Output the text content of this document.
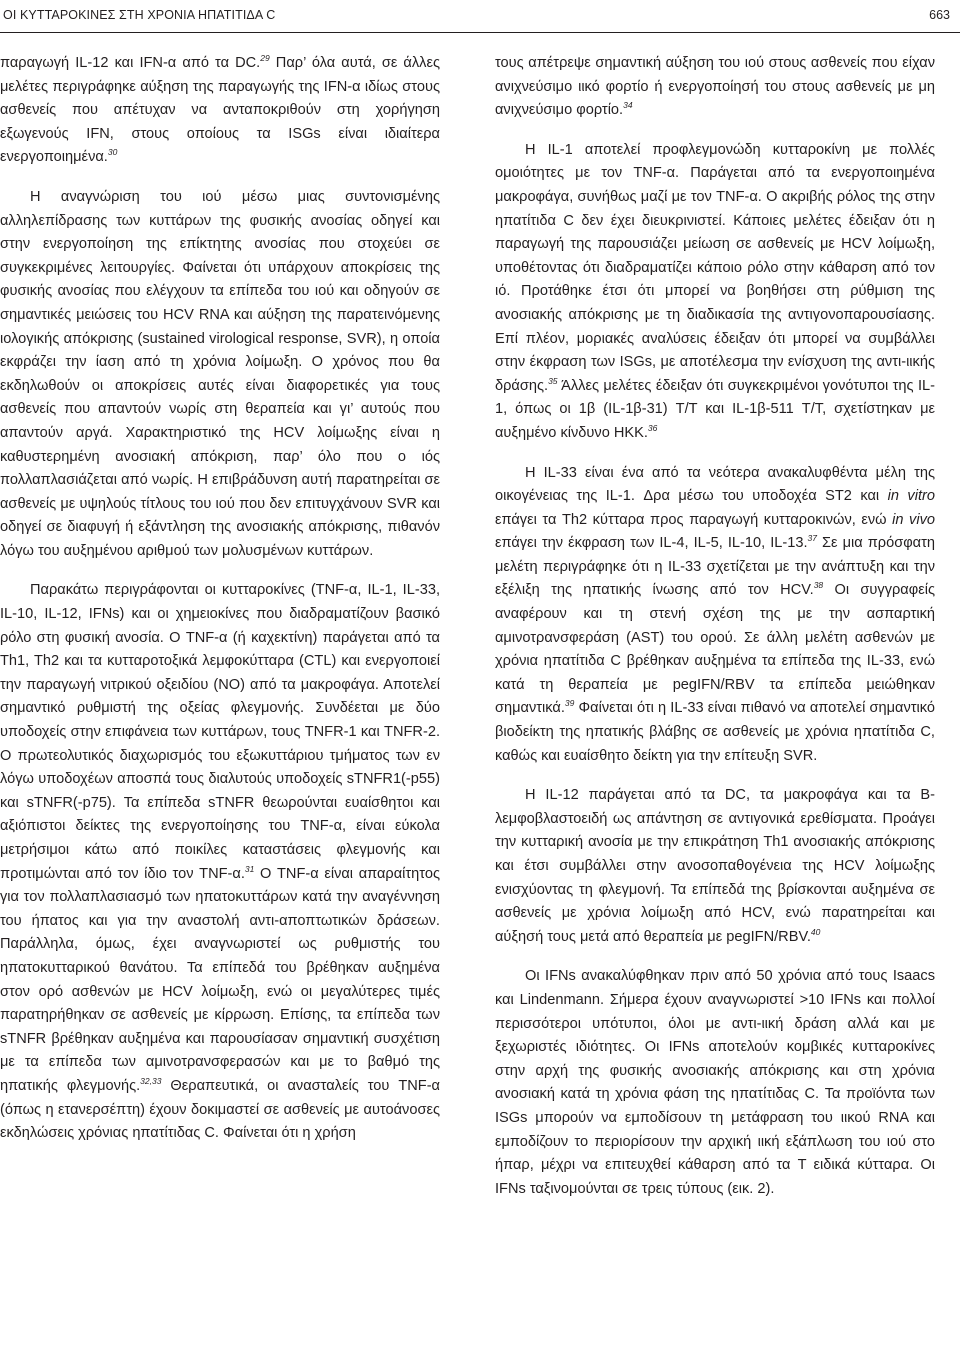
ΟΙ ΚΥΤΤΑΡΟΚΙΝΕΣ ΣΤΗ ΧΡΟΝΙΑ ΗΠΑΤΙΤΙΔΑ C	663

παραγωγή IL-12 και IFN-α από τα DC.$^{29}$ Παρ’ όλα αυτά, σε άλλες μελέτες περιγράφηκε αύξηση της παραγωγής της IFN-α ιδίως στους ασθενείς που απέτυχαν να ανταποκριθούν στη χορήγηση εξωγενούς IFN, στους οποίους τα ISGs είναι ιδιαίτερα ενεργοποιημένα.$^{30}$

Η αναγνώριση του ιού μέσω μιας συντονισμένης αλληλεπίδρασης των κυττάρων της φυσικής ανοσίας οδηγεί και στην ενεργοποίηση της επίκτητης ανοσίας που στοχεύει σε συγκεκριμένες λειτουργίες. Φαίνεται ότι υπάρχουν αποκρίσεις της φυσικής ανοσίας που ελέγχουν τα επίπεδα του ιού και οδηγούν σε σημαντικές μειώσεις του HCV RNA και αύξηση της παρατεινόμενης ιολογικής απόκρισης (sustained virological response, SVR), η οποία εκφράζει την ίαση από τη χρόνια λοίμωξη. Ο χρόνος που θα εκδηλωθούν οι αποκρίσεις αυτές είναι διαφορετικές για τους ασθενείς που απαντούν νωρίς στη θεραπεία και γι’ αυτούς που απαντούν αργά. Χαρακτηριστικό της HCV λοίμωξης είναι η καθυστερημένη ανοσιακή απόκριση, παρ’ όλο που ο ιός πολλαπλασιάζεται από νωρίς. Η επιβράδυνση αυτή παρατηρείται σε ασθενείς με υψηλούς τίτλους του ιού που δεν επιτυγχάνουν SVR και οδηγεί σε διαφυγή ή εξάντληση της ανοσιακής απόκρισης, πιθανόν λόγω του αυξημένου αριθμού των μολυσμένων κυττάρων.

Παρακάτω περιγράφονται οι κυτταροκίνες (TNF-α, IL-1, IL-33, IL-10, IL-12, IFNs) και οι χημειοκίνες που διαδραματίζουν βασικό ρόλο στη φυσική ανοσία. Ο TNF-α (ή καχεκτίνη) παράγεται από τα Th1, Th2 και τα κυτταροτοξικά λεμφοκύτταρα (CTL) και ενεργοποιεί την παραγωγή νιτρικού οξειδίου (NO) από τα μακροφάγα. Αποτελεί σημαντικό ρυθμιστή της οξείας φλεγμονής. Συνδέεται με δύο υποδοχείς στην επιφάνεια των κυττάρων, τους TNFR-1 και TNFR-2. Ο πρωτεολυτικός διαχωρισμός του εξωκυττάριου τμήματος των εν λόγω υποδοχέων αποσπά τους διαλυτούς υποδοχείς sTNFR1(-p55) και sTNFR(-p75). Τα επίπεδα sTNFR θεωρούνται ευαίσθητοι και αξιόπιστοι δείκτες της ενεργοποίησης του TNF-α, είναι εύκολα μετρήσιμοι κάτω από ποικίλες καταστάσεις φλεγμονής και προτιμώνται από τον ίδιο τον TNF-α.$^{31}$ Ο TNF-α είναι απαραίτητος για τον πολλαπλασιασμό των ηπατοκυττάρων κατά την αναγέννηση του ήπατος και για την αναστολή αντι-αποπτωτικών δράσεων. Παράλληλα, όμως, έχει αναγνωριστεί ως ρυθμιστής του ηπατοκυτταρικού θανάτου. Τα επίπεδά του βρέθηκαν αυξημένα στον ορό ασθενών με HCV λοίμωξη, ενώ οι μεγαλύτερες τιμές παρατηρήθηκαν σε ασθενείς με κίρρωση. Επίσης, τα επίπεδα των sTNFR βρέθηκαν αυξημένα και παρουσίασαν σημαντική συσχέτιση με τα επίπεδα των αμινοτρανσφερασών και με το βαθμό της ηπατικής φλεγμονής.$^{32,33}$ Θεραπευτικά, οι ανασταλείς του TNF-α (όπως η ετανερσέπτη) έχουν δοκιμαστεί σε ασθενείς με αυτοάνοσες εκδηλώσεις χρόνιας ηπατίτιδας C. Φαίνεται ότι η χρήση

τους απέτρεψε σημαντική αύξηση του ιού στους ασθενείς που είχαν ανιχνεύσιμο ιικό φορτίο ή ενεργοποίησή του στους ασθενείς με μη ανιχνεύσιμο φορτίο.$^{34}$

Η IL-1 αποτελεί προφλεγμονώδη κυτταροκίνη με πολλές ομοιότητες με τον TNF-α. Παράγεται από τα ενεργοποιημένα μακροφάγα, συνήθως μαζί με τον TNF-α. Ο ακριβής ρόλος της στην ηπατίτιδα C δεν έχει διευκρινιστεί. Κάποιες μελέτες έδειξαν ότι η παραγωγή της παρουσιάζει μείωση σε ασθενείς με HCV λοίμωξη, υποθέτοντας ότι διαδραματίζει κάποιο ρόλο στην κάθαρση από τον ιό. Προτάθηκε έτσι ότι μπορεί να βοηθήσει στη ρύθμιση της ανοσιακής απόκρισης με τη διαδικασία της αντιγονοπαρουσίασης. Επί πλέον, μοριακές αναλύσεις έδειξαν ότι μπορεί να συμβάλλει στην έκφραση των ISGs, με αποτέλεσμα την ενίσχυση της αντι-ιικής δράσης.$^{35}$ Άλλες μελέτες έδειξαν ότι συγκεκριμένοι γονότυποι της IL-1, όπως οι 1β (IL-1β-31) T/T και IL-1β-511 T/T, σχετίστηκαν με αυξημένο κίνδυνο ΗΚΚ.$^{36}$

Η IL-33 είναι ένα από τα νεότερα ανακαλυφθέντα μέλη της οικογένειας της IL-1. Δρα μέσω του υποδοχέα ST2 και in vitro επάγει τα Th2 κύτταρα προς παραγωγή κυτταροκινών, ενώ in vivo επάγει την έκφραση των IL-4, IL-5, IL-10, IL-13.37 Σε μια πρόσφατη μελέτη περιγράφηκε ότι η IL-33 σχετίζεται με την ανάπτυξη και την εξέλιξη της ηπατικής ίνωσης από τον HCV.$^{38}$ Οι συγγραφείς αναφέρουν και τη στενή σχέση της με την ασπαρτική αμινοτρανσφεράση (AST) του ορού. Σε άλλη μελέτη ασθενών με χρόνια ηπατίτιδα C βρέθηκαν αυξημένα τα επίπεδα της IL-33, ενώ κατά τη θεραπεία με pegIFN/RBV τα επίπεδα μειώθηκαν σημαντικά.$^{39}$ Φαίνεται ότι η IL-33 είναι πιθανό να αποτελεί σημαντικό βιοδείκτη της ηπατικής βλάβης σε ασθενείς με χρόνια ηπατίτιδα C, καθώς και ευαίσθητο δείκτη για την επίτευξη SVR.

Η IL-12 παράγεται από τα DC, τα μακροφάγα και τα B-λεμφοβλαστοειδή ως απάντηση σε αντιγονικά ερεθίσματα. Προάγει την κυτταρική ανοσία με την επικράτηση Th1 ανοσιακής απόκρισης και έτσι συμβάλλει στην ανοσοπαθογένεια της HCV λοίμωξης ενισχύοντας τη φλεγμονή. Τα επίπεδά της βρίσκονται αυξημένα σε ασθενείς με χρόνια λοίμωξη από HCV, ενώ παρατηρείται και αύξησή τους μετά από θεραπεία με pegIFN/RBV.$^{40}$

Οι IFNs ανακαλύφθηκαν πριν από 50 χρόνια από τους Isaacs και Lindenmann. Σήμερα έχουν αναγνωριστεί >10 IFNs και πολλοί περισσότεροι υπότυποι, όλοι με αντι-ιική δράση αλλά και με ξεχωριστές ιδιότητες. Οι IFNs αποτελούν κομβικές κυτταροκίνες στην αρχή της φυσικής ανοσιακής απόκρισης και στη χρόνια ανοσιακή κατά τη χρόνια φάση της ηπατίτιδας C. Τα προϊόντα των ISGs μπορούν να εμποδίσουν τη μετάφραση του ιικού RNA και εμποδίζουν το περιορίσουν την αρχική ιική εξάπλωση του ιού στο ήπαρ, μέχρι να επιτευχθεί κάθαρση από τα T ειδικά κύτταρα. Οι IFNs ταξινομούνται σε τρεις τύπους (εικ. 2).
